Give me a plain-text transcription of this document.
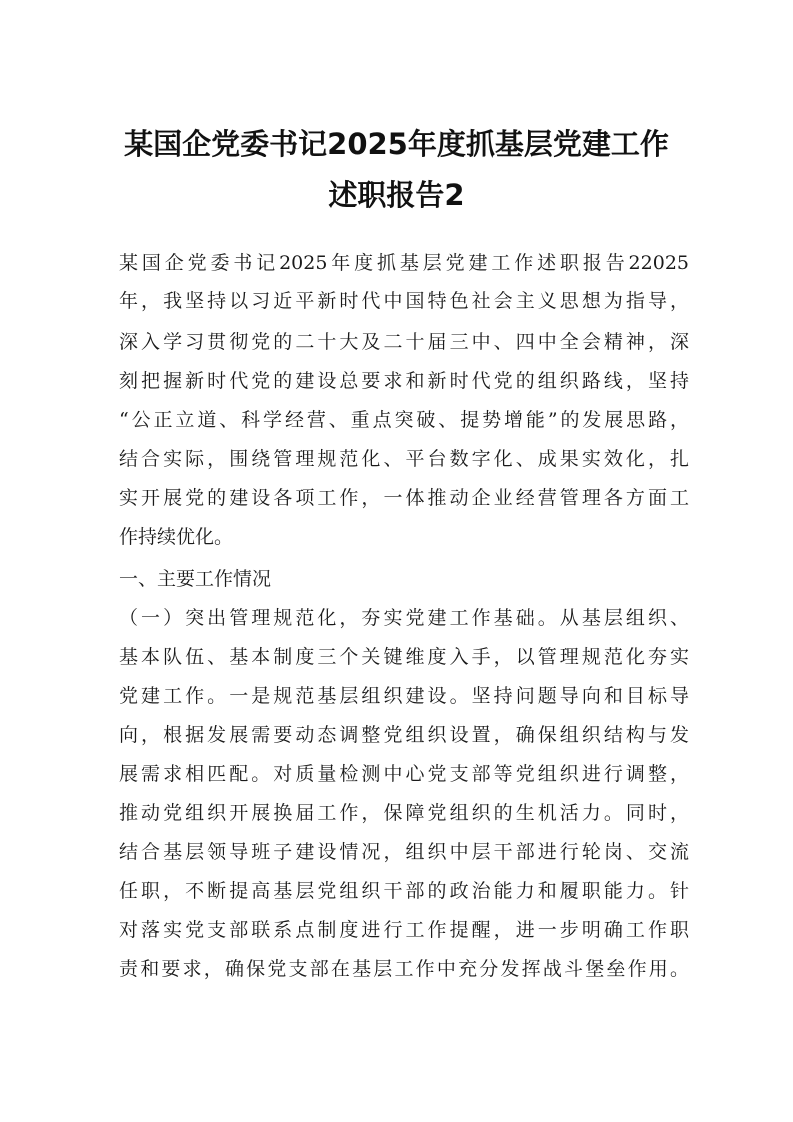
某国企党委书记2025年度抓基层党建工作
述职报告2
某国企党委书记2025年度抓基层党建工作述职报告22025
年，我坚持以习近平新时代中国特色社会主义思想为指导，
深入学习贯彻党的二十大及二十届三中、四中全会精神，深
刻把握新时代党的建设总要求和新时代党的组织路线，坚持
“公正立道、科学经营、重点突破、提势增能”的发展思路，
结合实际，围绕管理规范化、平台数字化、成果实效化，扎
实开展党的建设各项工作，一体推动企业经营管理各方面工
作持续优化。
一、主要工作情况
（一）突出管理规范化，夯实党建工作基础。从基层组织、
基本队伍、基本制度三个关键维度入手，以管理规范化夯实
党建工作。一是规范基层组织建设。坚持问题导向和目标导
向，根据发展需要动态调整党组织设置，确保组织结构与发
展需求相匹配。对质量检测中心党支部等党组织进行调整，
推动党组织开展换届工作，保障党组织的生机活力。同时，
结合基层领导班子建设情况，组织中层干部进行轮岗、交流
任职，不断提高基层党组织干部的政治能力和履职能力。针
对落实党支部联系点制度进行工作提醒，进一步明确工作职
责和要求，确保党支部在基层工作中充分发挥战斗堡垒作用。
